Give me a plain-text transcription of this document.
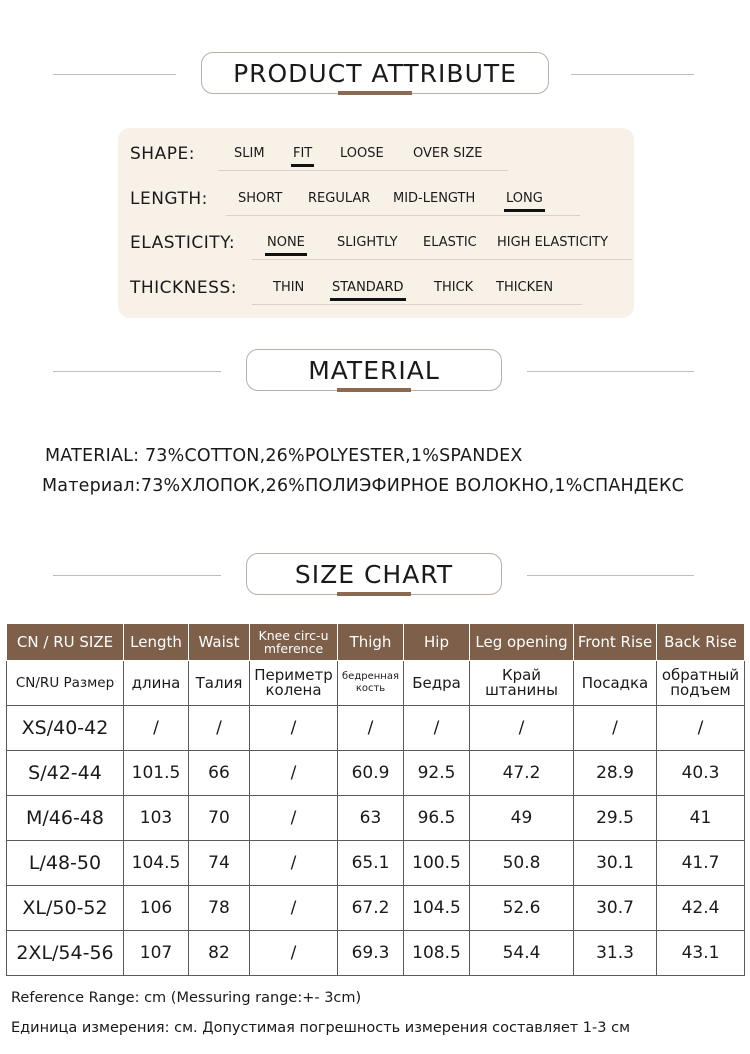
PRODUCT ATTRIBUTE
SHAPE:	SLIM FIT LOOSE OVER SIZE
LENGTH: SHORT REGULAR MID-LENGTH LONG
ELASTICITY: NONE SLIGHTLY ELASTIC HIGH ELASTICITY
THICKNESS:	THIN STANDARD THICK THICKEN
MATERIAL
MATERIAL: 73%COTTON,26%POLYESTER,1%SPANDEX
Материал:73%ХЛОПОК,26%ПОЛИЭФИРНОЕ ВОЛОКНО,1%СПАНДЕКС
SIZE CHART
CN / RU SIZE	Length	Waist	Knee circ-umference	Thigh	Hip	Leg opening	Front Rise	Back Rise
CN/RU Размер	длина	Талия	Периметр колена	бедренная кость	Бедра	Край штанины	Посадка	обратный подъем
XS/40-42	/	/	/	/	/	/	/	/
S/42-44	101.5	66	/	60.9	92.5	47.2	28.9	40.3
M/46-48	103	70	/	63	96.5	49	29.5	41
L/48-50	104.5	74	/	65.1	100.5	50.8	30.1	41.7
XL/50-52	106	78	/	67.2	104.5	52.6	30.7	42.4
2XL/54-56	107	82	/	69.3	108.5	54.4	31.3	43.1
Reference Range: cm (Messuring range:+- 3cm)
Единица измерения: см. Допустимая погрешность измерения составляет 1-3 см
